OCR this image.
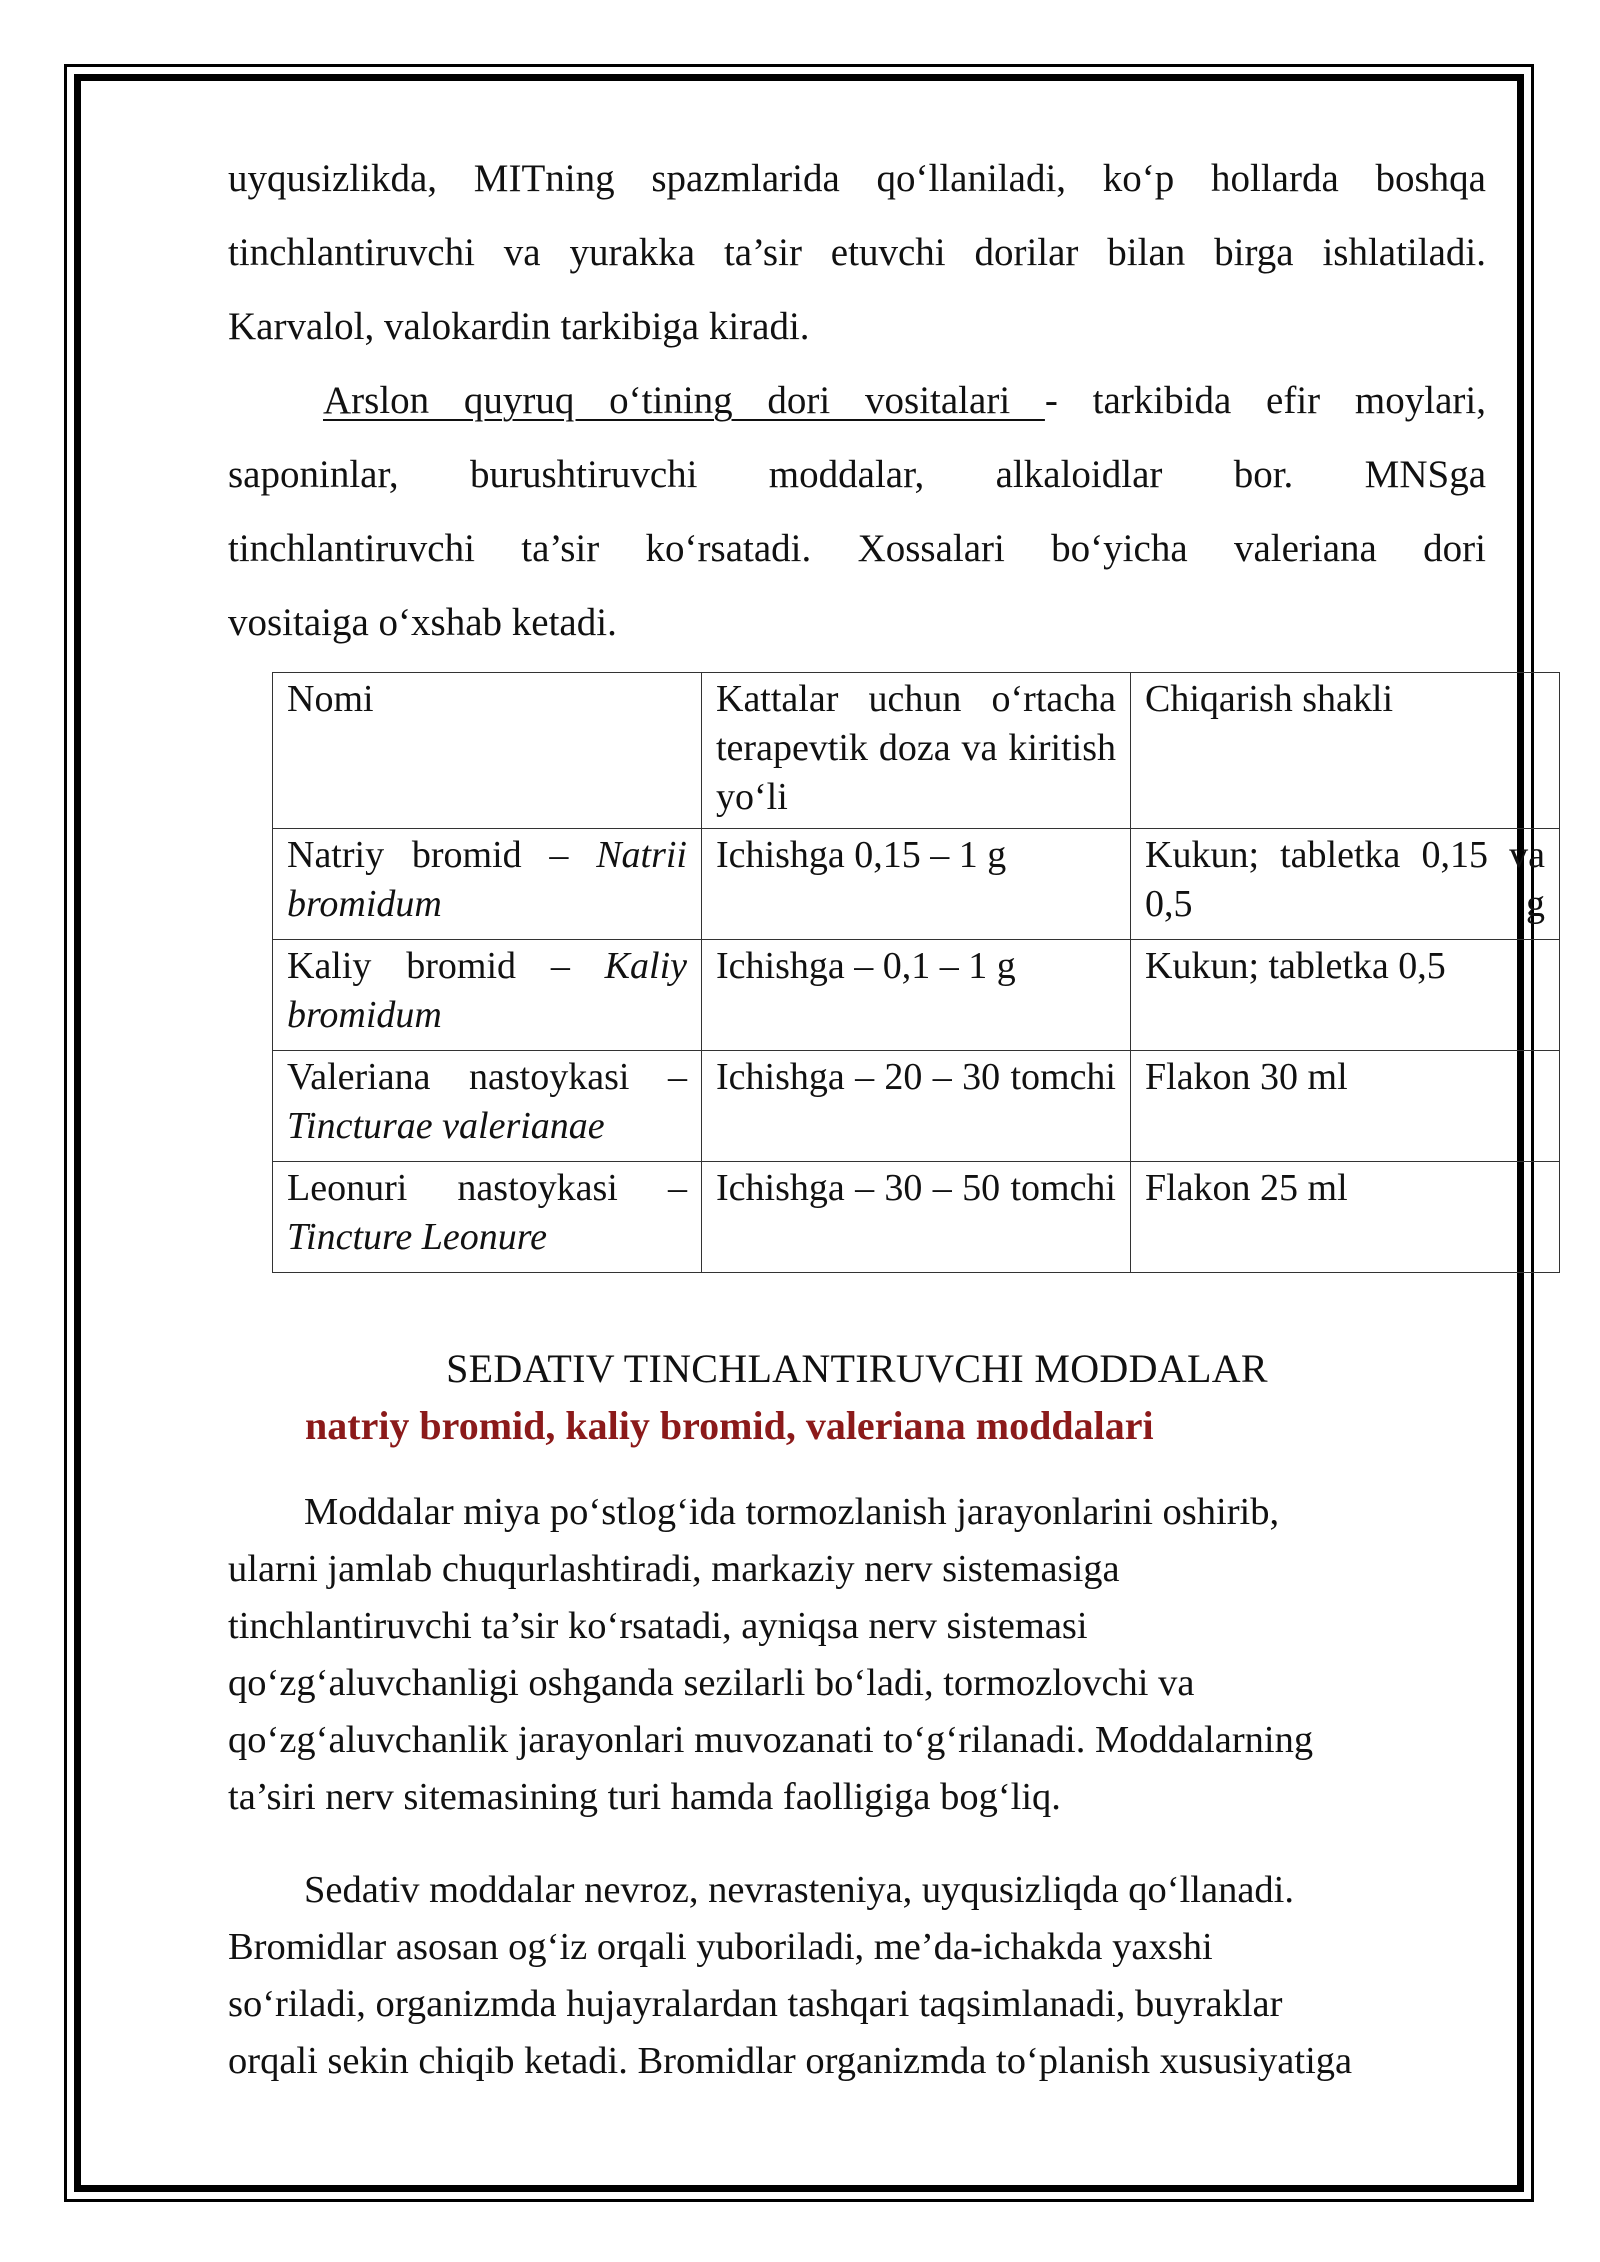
uyqusizlikda, MITning spazmlarida qo‘llaniladi, ko‘p hollarda boshqa
tinchlantiruvchi va yurakka ta’sir etuvchi dorilar bilan birga ishlatiladi.
Karvalol, valokardin tarkibiga kiradi.
Arslon quyruq o‘tining dori vositalari - tarkibida efir moylari,
saponinlar, burushtiruvchi moddalar, alkaloidlar bor. MNSga
tinchlantiruvchi ta’sir ko‘rsatadi. Xossalari bo‘yicha valeriana dori
vositaiga o‘xshab ketadi.
Nomi	Kattalar uchun o‘rtacha terapevtik doza va kiritish yo‘li	Chiqarish shakli

Natriy bromid – Natrii bromidum	Ichishga 0,15 – 1 g	Kukun; tabletka 0,15 va 0,5 g

Kaliy bromid – Kaliy bromidum	Ichishga – 0,1 – 1 g	Kukun; tabletka 0,5

Valeriana nastoykasi –
Tincturae valerianae	Ichishga – 20 – 30 tomchi	Flakon 30 ml

Leonuri nastoykasi –
Tincture Leonure	Ichishga – 30 – 50 tomchi	Flakon 25 ml
SEDATIV TINCHLANTIRUVCHI MODDALAR
natriy bromid, kaliy bromid, valeriana moddalari
Moddalar miya po‘stlog‘ida tormozlanish jarayonlarini oshirib,
ularni jamlab chuqurlashtiradi, markaziy nerv sistemasiga
tinchlantiruvchi ta’sir ko‘rsatadi, ayniqsa nerv sistemasi
qo‘zg‘aluvchanligi oshganda sezilarli bo‘ladi, tormozlovchi va
qo‘zg‘aluvchanlik jarayonlari muvozanati to‘g‘rilanadi. Moddalarning
ta’siri nerv sitemasining turi hamda faolligiga bog‘liq.
Sedativ moddalar nevroz, nevrasteniya, uyqusizliqda qo‘llanadi.
Bromidlar asosan og‘iz orqali yuboriladi, me’da-ichakda yaxshi
so‘riladi, organizmda hujayralardan tashqari taqsimlanadi, buyraklar
orqali sekin chiqib ketadi. Bromidlar organizmda to‘planish xususiyatiga
